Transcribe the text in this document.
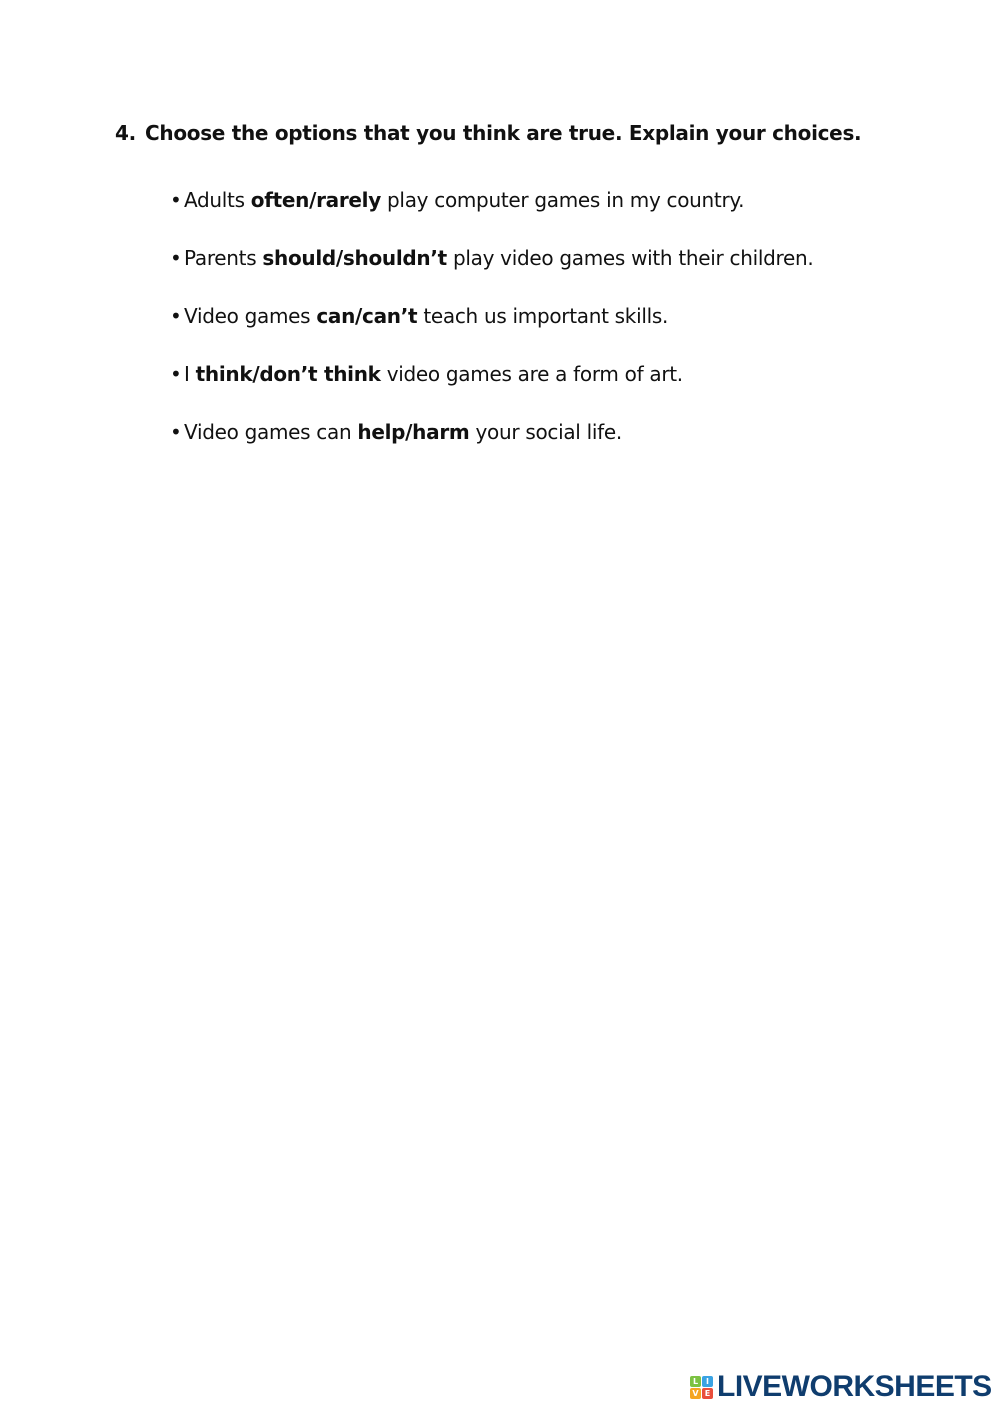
4. Choose the options that you think are true. Explain your choices.
• Adults often/rarely play computer games in my country.
• Parents should/shouldn’t play video games with their children.
• Video games can/can’t teach us important skills.
• I think/don’t think video games are a form of art.
• Video games can help/harm your social life.
L I
V E LIVEWORKSHEETS
